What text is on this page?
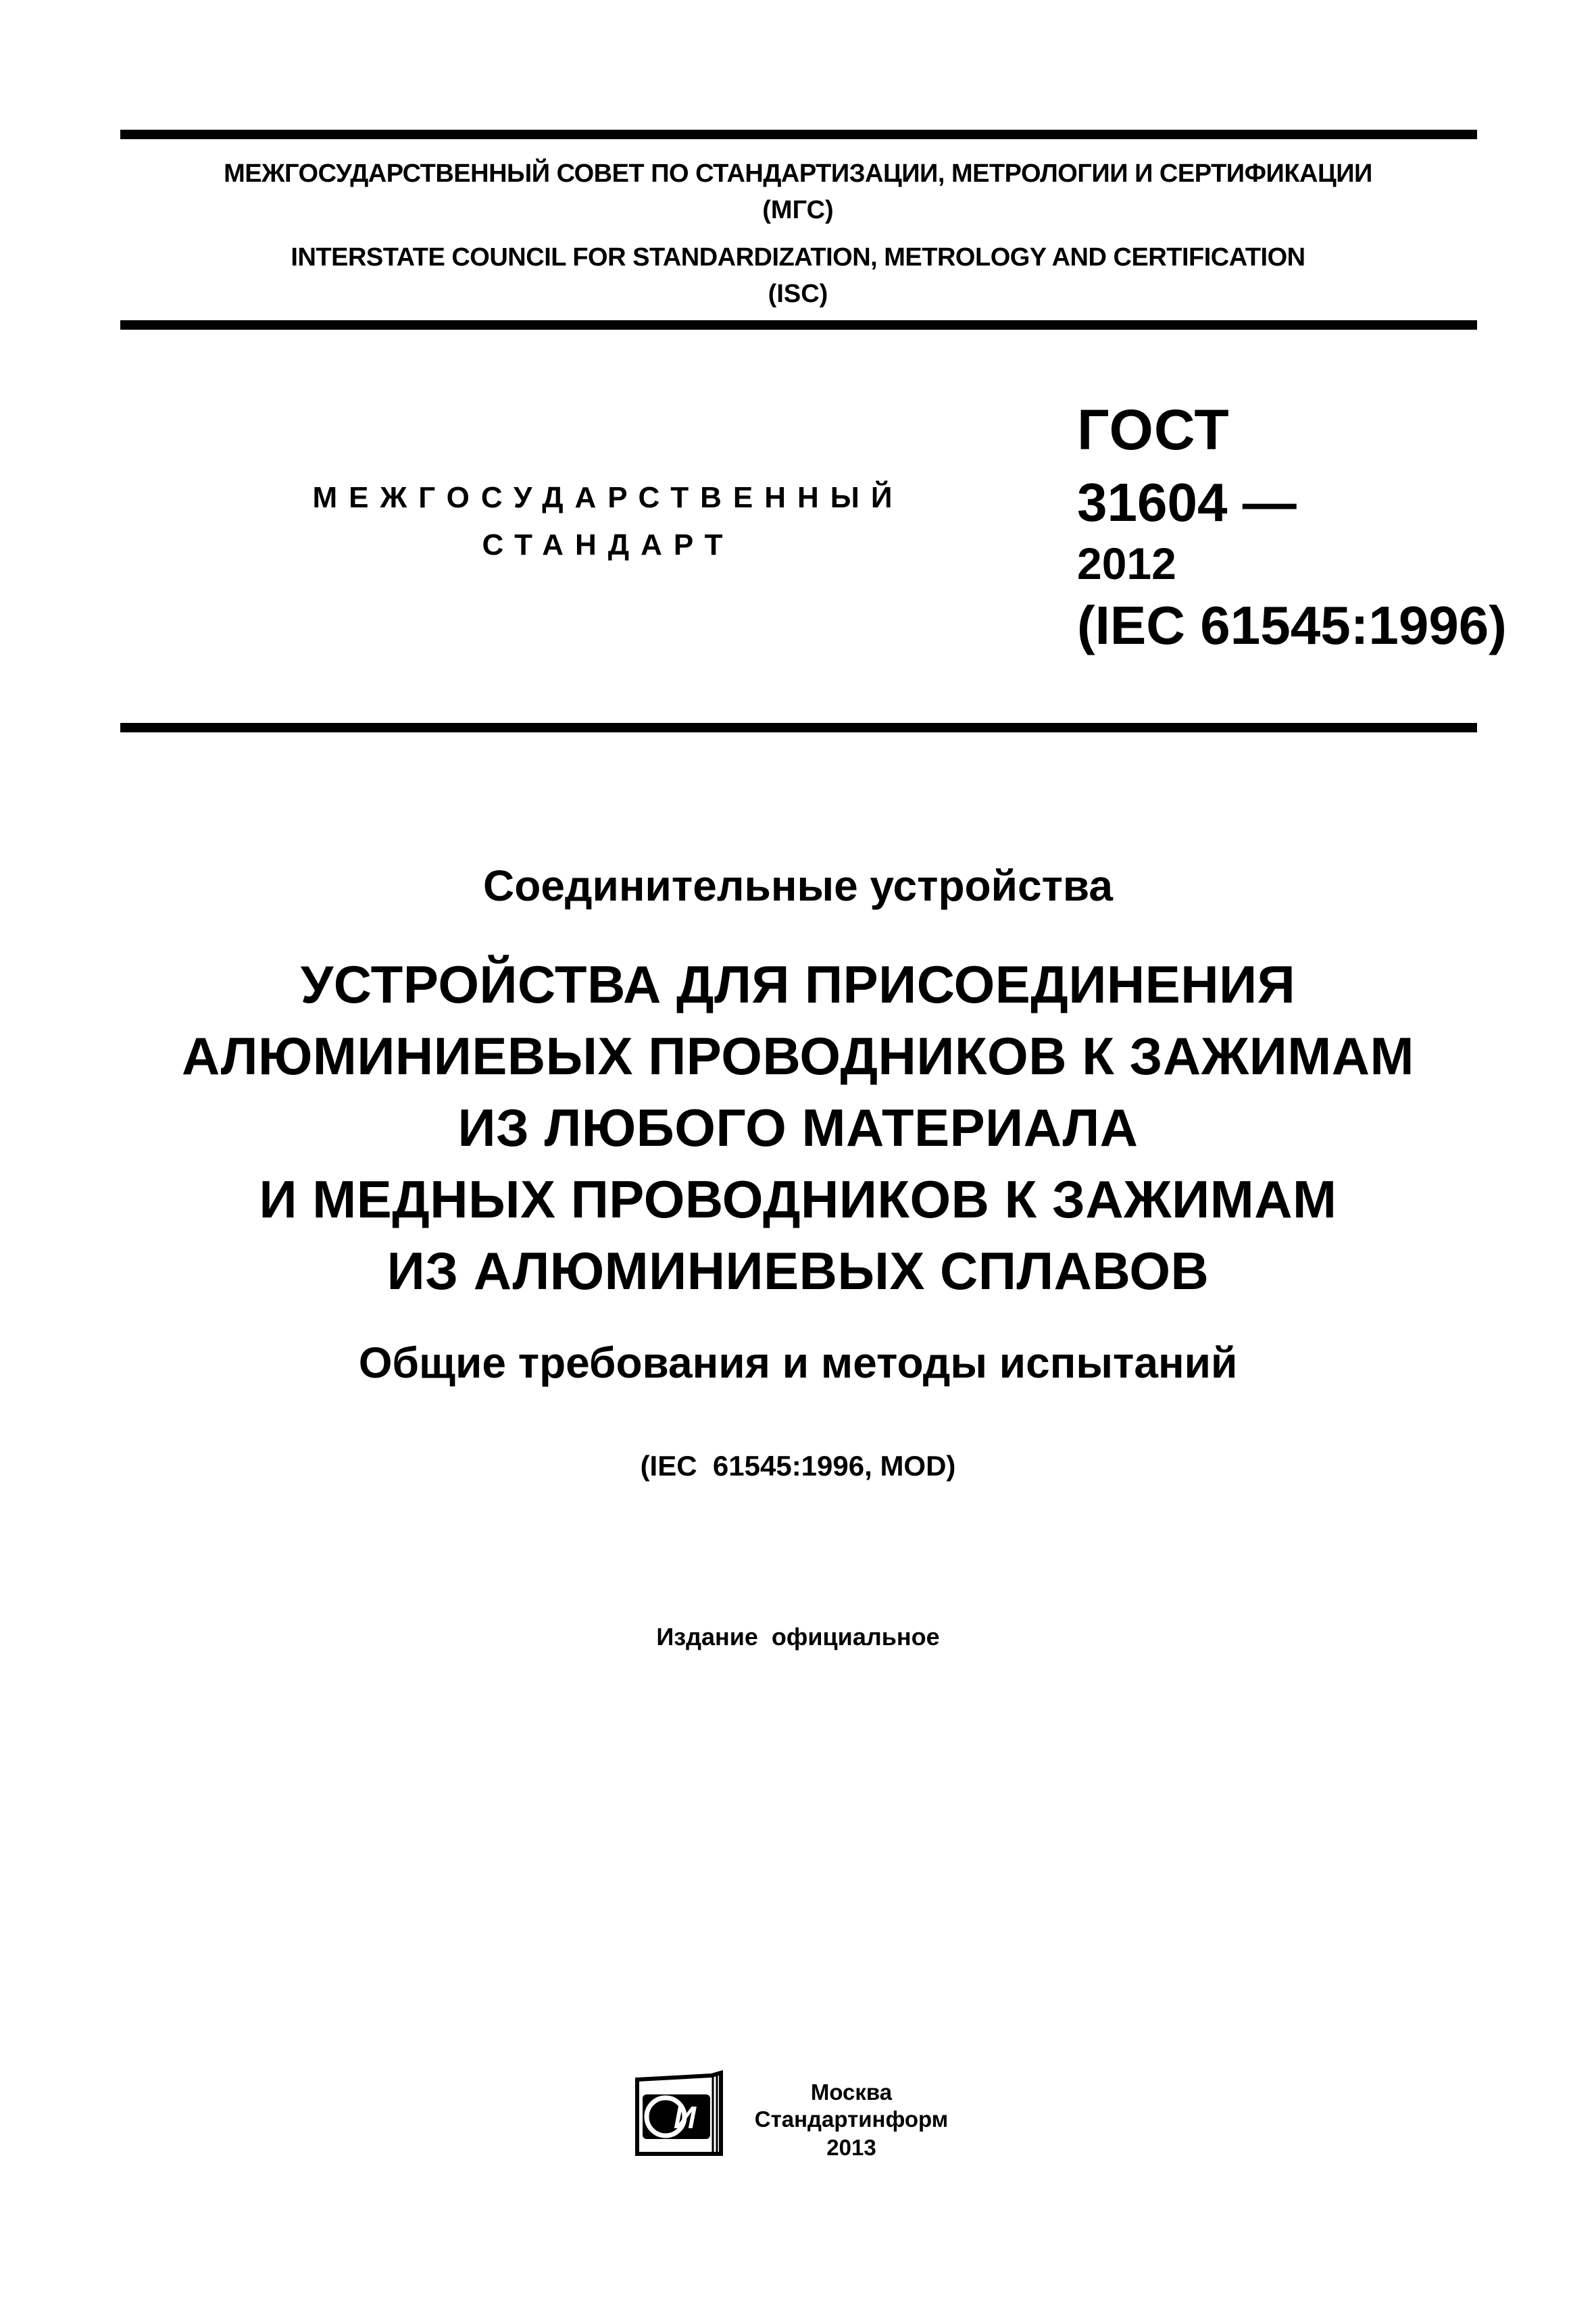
МЕЖГОСУДАРСТВЕННЫЙ СОВЕТ ПО СТАНДАРТИЗАЦИИ, МЕТРОЛОГИИ И СЕРТИФИКАЦИИ
(МГС)
INTERSTATE COUNCIL FOR STANDARDIZATION, METROLOGY AND CERTIFICATION
(ISC)
МЕЖГОСУДАРСТВЕННЫЙ
СТАНДАРТ
ГОСТ
31604 —
2012
(IEC 61545:1996)
Соединительные устройства
УСТРОЙСТВА ДЛЯ ПРИСОЕДИНЕНИЯ
АЛЮМИНИЕВЫХ ПРОВОДНИКОВ К ЗАЖИМАМ
ИЗ ЛЮБОГО МАТЕРИАЛА
И МЕДНЫХ ПРОВОДНИКОВ К ЗАЖИМАМ
ИЗ АЛЮМИНИЕВЫХ СПЛАВОВ
Общие требования и методы испытаний
(IEC  61545:1996, MOD)
Издание  официальное
И
Москва
Стандартинформ
2013
